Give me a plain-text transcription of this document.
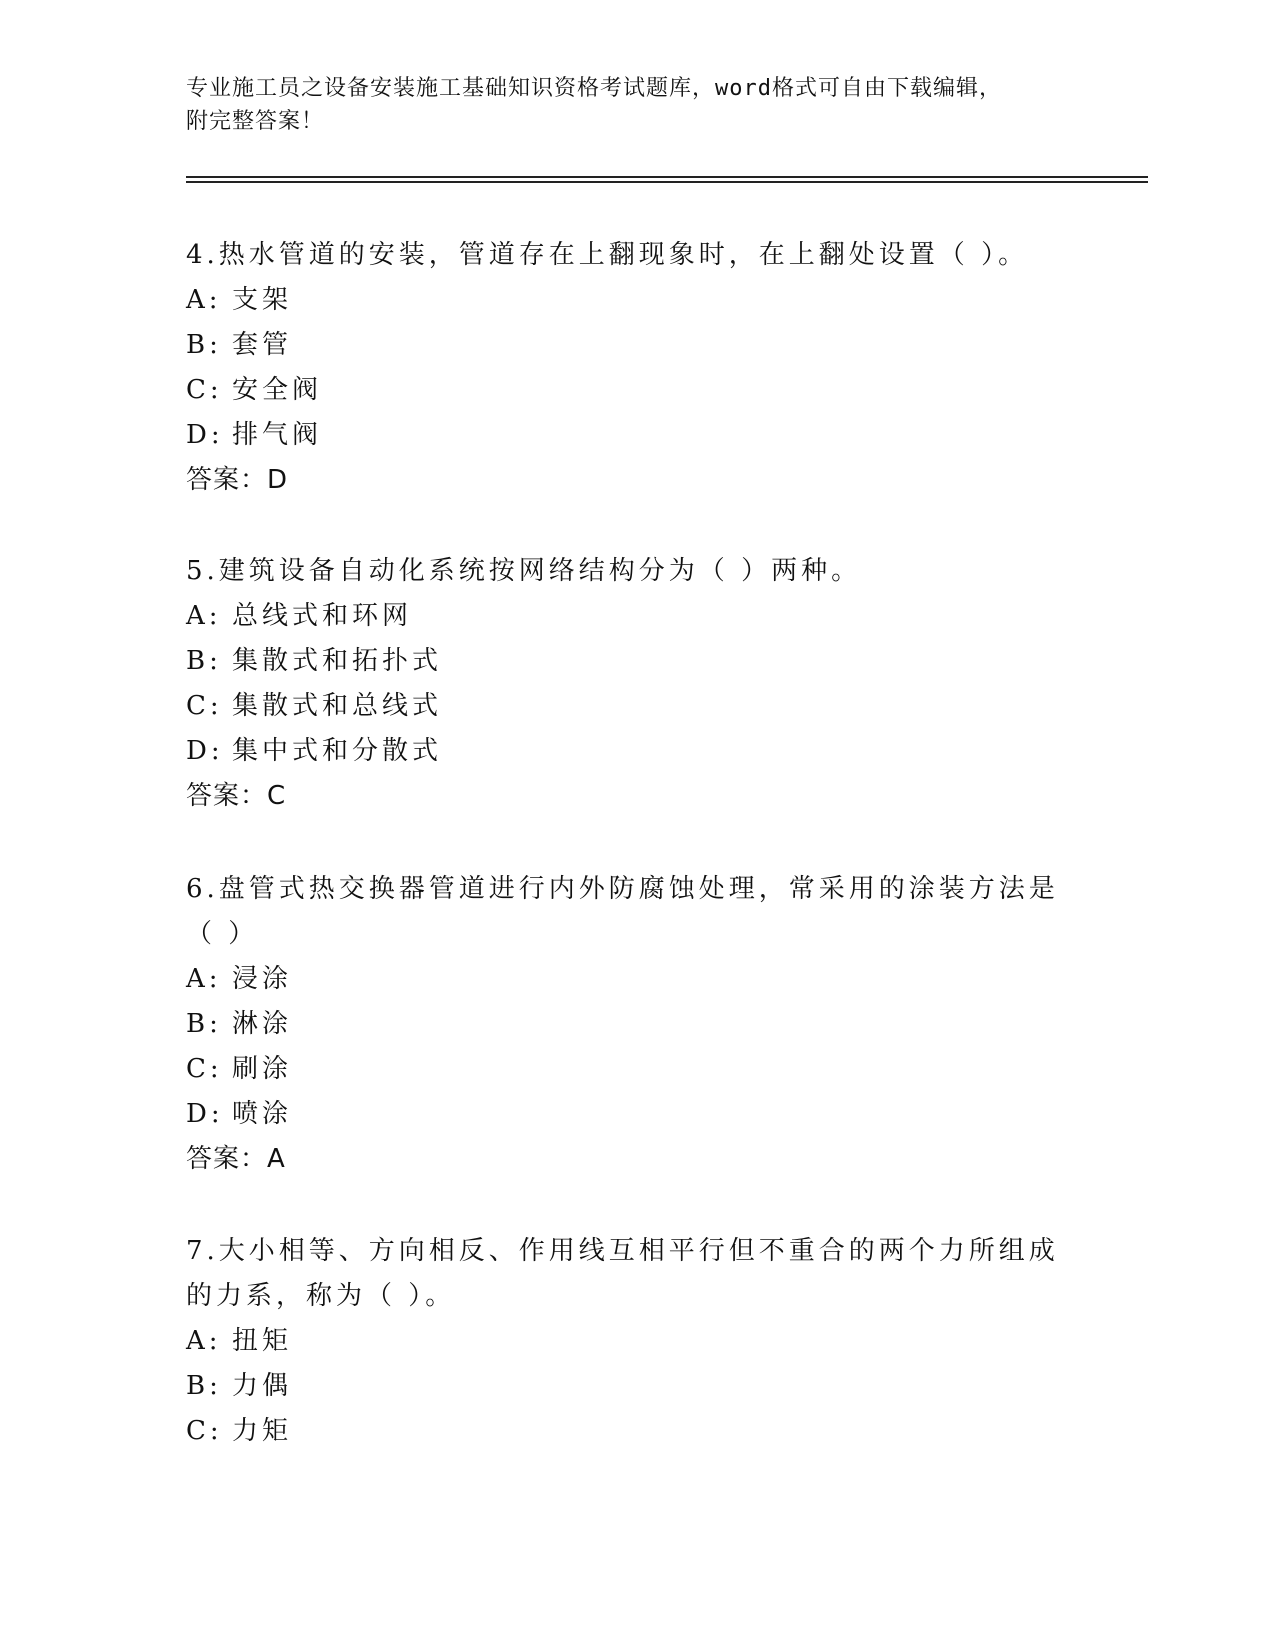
专业施工员之设备安装施工基础知识资格考试题库，word格式可自由下载编辑，
附完整答案！

4.热水管道的安装，管道存在上翻现象时，在上翻处设置（ ）。

A: 支架
B: 套管
C: 安全阀
D: 排气阀
答案：D

5.建筑设备自动化系统按网络结构分为（ ）两种。

A: 总线式和环网
B: 集散式和拓扑式
C: 集散式和总线式
D: 集中式和分散式
答案：C

6.盘管式热交换器管道进行内外防腐蚀处理，常采用的涂装方法是（ ）

A: 浸涂
B: 淋涂
C: 刷涂
D: 喷涂
答案：A

7.大小相等、方向相反、作用线互相平行但不重合的两个力所组成的力系，称为（ ）。

A: 扭矩
B: 力偶
C: 力矩
